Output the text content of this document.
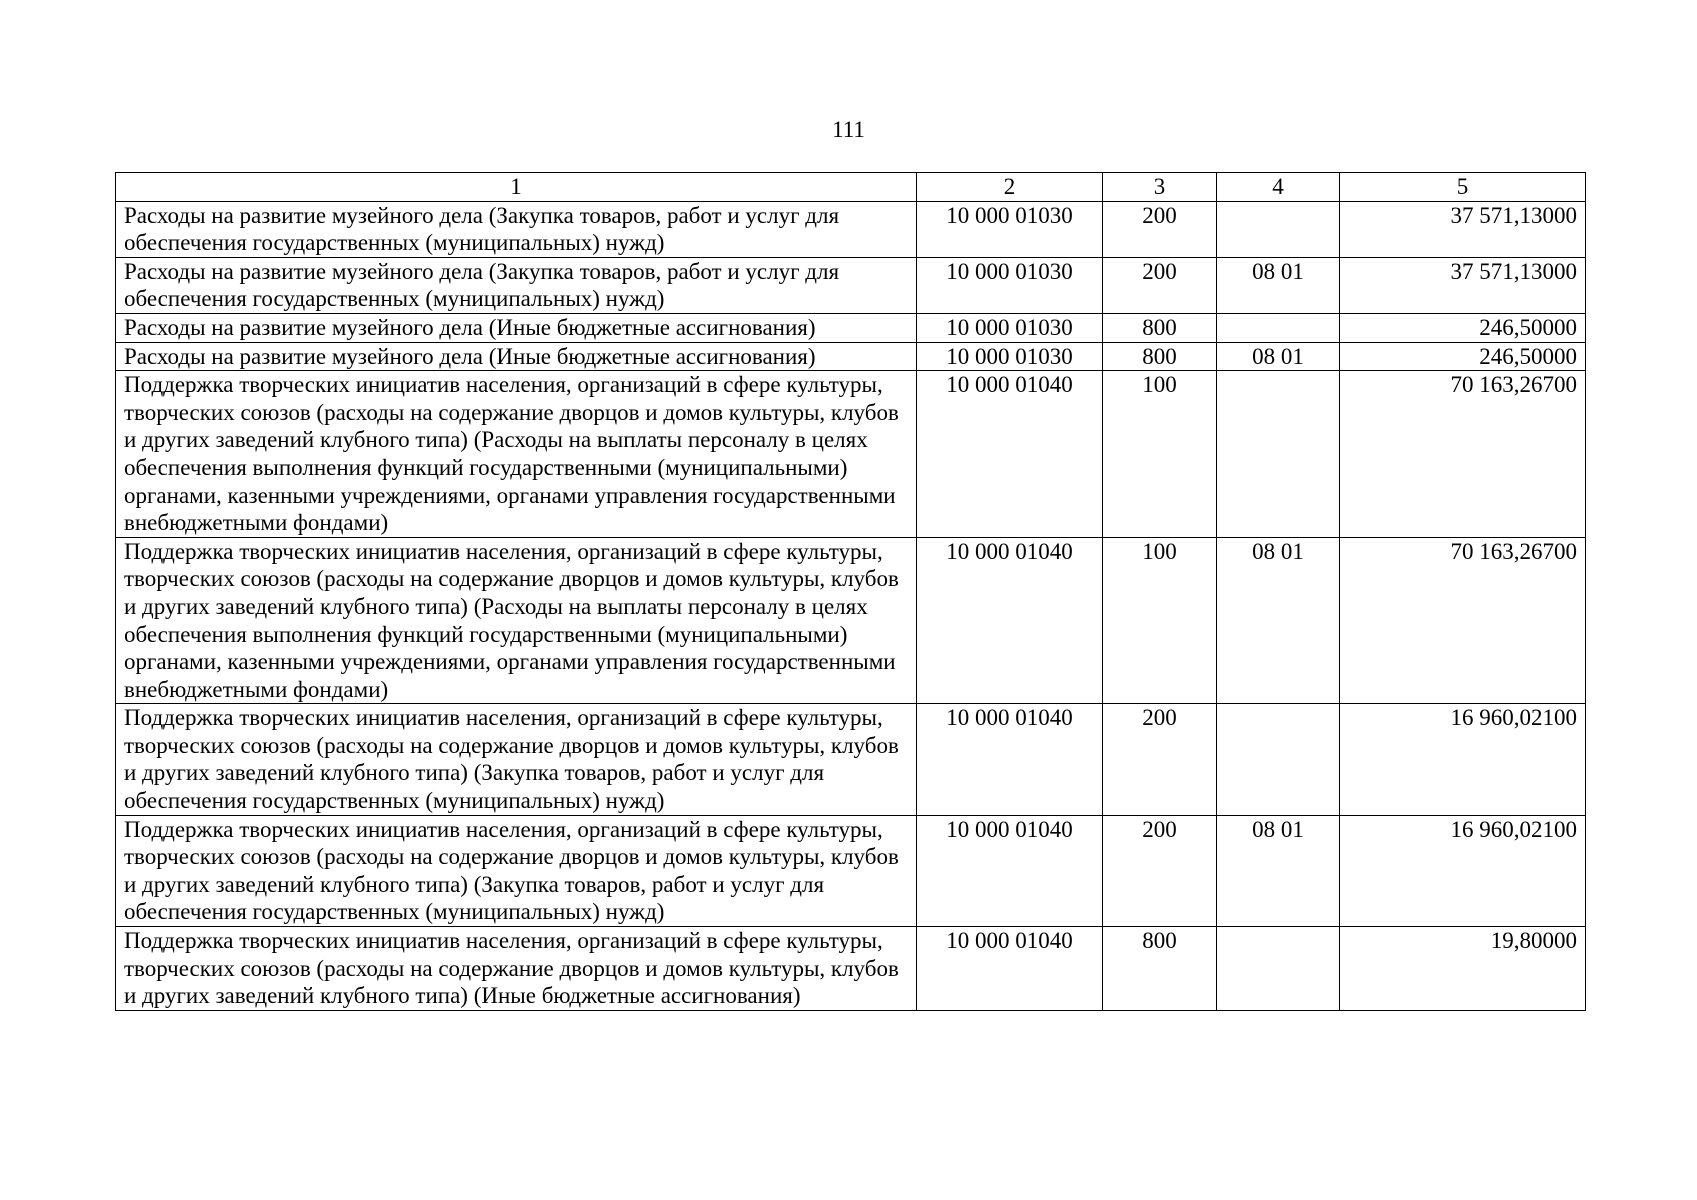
111
1	2	3	4	5
Расходы на развитие музейного дела (Закупка товаров, работ и услуг для обеспечения государственных (муниципальных) нужд)	10 000 01030	200		37 571,13000
Расходы на развитие музейного дела (Закупка товаров, работ и услуг для обеспечения государственных (муниципальных) нужд)	10 000 01030	200	08 01	37 571,13000
Расходы на развитие музейного дела (Иные бюджетные ассигнования)	10 000 01030	800		246,50000
Расходы на развитие музейного дела (Иные бюджетные ассигнования)	10 000 01030	800	08 01	246,50000
Поддержка творческих инициатив населения, организаций в сфере культуры, творческих союзов (расходы на содержание дворцов и домов культуры, клубов и других заведений клубного типа) (Расходы на выплаты персоналу в целях обеспечения выполнения функций государственными (муниципальными) органами, казенными учреждениями, органами управления государственными внебюджетными фондами)	10 000 01040	100		70 163,26700
Поддержка творческих инициатив населения, организаций в сфере культуры, творческих союзов (расходы на содержание дворцов и домов культуры, клубов и других заведений клубного типа) (Расходы на выплаты персоналу в целях обеспечения выполнения функций государственными (муниципальными) органами, казенными учреждениями, органами управления государственными внебюджетными фондами)	10 000 01040	100	08 01	70 163,26700
Поддержка творческих инициатив населения, организаций в сфере культуры, творческих союзов (расходы на содержание дворцов и домов культуры, клубов и других заведений клубного типа) (Закупка товаров, работ и услуг для обеспечения государственных (муниципальных) нужд)	10 000 01040	200		16 960,02100
Поддержка творческих инициатив населения, организаций в сфере культуры, творческих союзов (расходы на содержание дворцов и домов культуры, клубов и других заведений клубного типа) (Закупка товаров, работ и услуг для обеспечения государственных (муниципальных) нужд)	10 000 01040	200	08 01	16 960,02100
Поддержка творческих инициатив населения, организаций в сфере культуры, творческих союзов (расходы на содержание дворцов и домов культуры, клубов и других заведений клубного типа) (Иные бюджетные ассигнования)	10 000 01040	800		19,80000
